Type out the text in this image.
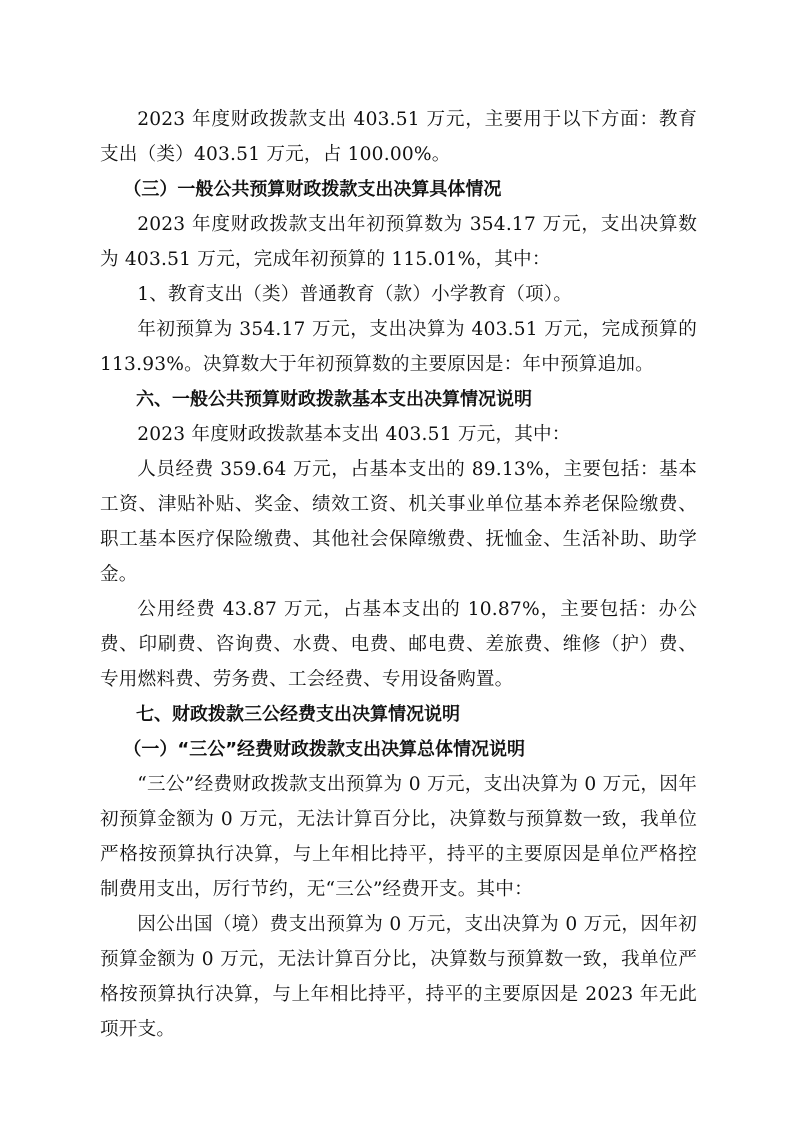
2023 年度财政拨款支出 403.51 万元，主要用于以下方面：教育支出（类）403.51 万元，占 100.00%。

（三）一般公共预算财政拨款支出决算具体情况

2023 年度财政拨款支出年初预算数为 354.17 万元，支出决算数为 403.51 万元，完成年初预算的 115.01%，其中：

1、教育支出（类）普通教育（款）小学教育（项）。

年初预算为 354.17 万元，支出决算为 403.51 万元，完成预算的 113.93%。决算数大于年初预算数的主要原因是：年中预算追加。

六、一般公共预算财政拨款基本支出决算情况说明

2023 年度财政拨款基本支出 403.51 万元，其中：

人员经费 359.64 万元，占基本支出的 89.13%，主要包括：基本工资、津贴补贴、奖金、绩效工资、机关事业单位基本养老保险缴费、职工基本医疗保险缴费、其他社会保障缴费、抚恤金、生活补助、助学金。

公用经费 43.87 万元，占基本支出的 10.87%，主要包括：办公费、印刷费、咨询费、水费、电费、邮电费、差旅费、维修（护）费、专用燃料费、劳务费、工会经费、专用设备购置。

七、财政拨款三公经费支出决算情况说明

（一）“三公”经费财政拨款支出决算总体情况说明

“三公”经费财政拨款支出预算为 0 万元，支出决算为 0 万元，因年初预算金额为 0 万元，无法计算百分比，决算数与预算数一致，我单位严格按预算执行决算，与上年相比持平，持平的主要原因是单位严格控制费用支出，厉行节约，无“三公”经费开支。其中：

因公出国（境）费支出预算为 0 万元，支出决算为 0 万元，因年初预算金额为 0 万元，无法计算百分比，决算数与预算数一致，我单位严格按预算执行决算，与上年相比持平，持平的主要原因是 2023 年无此项开支。
